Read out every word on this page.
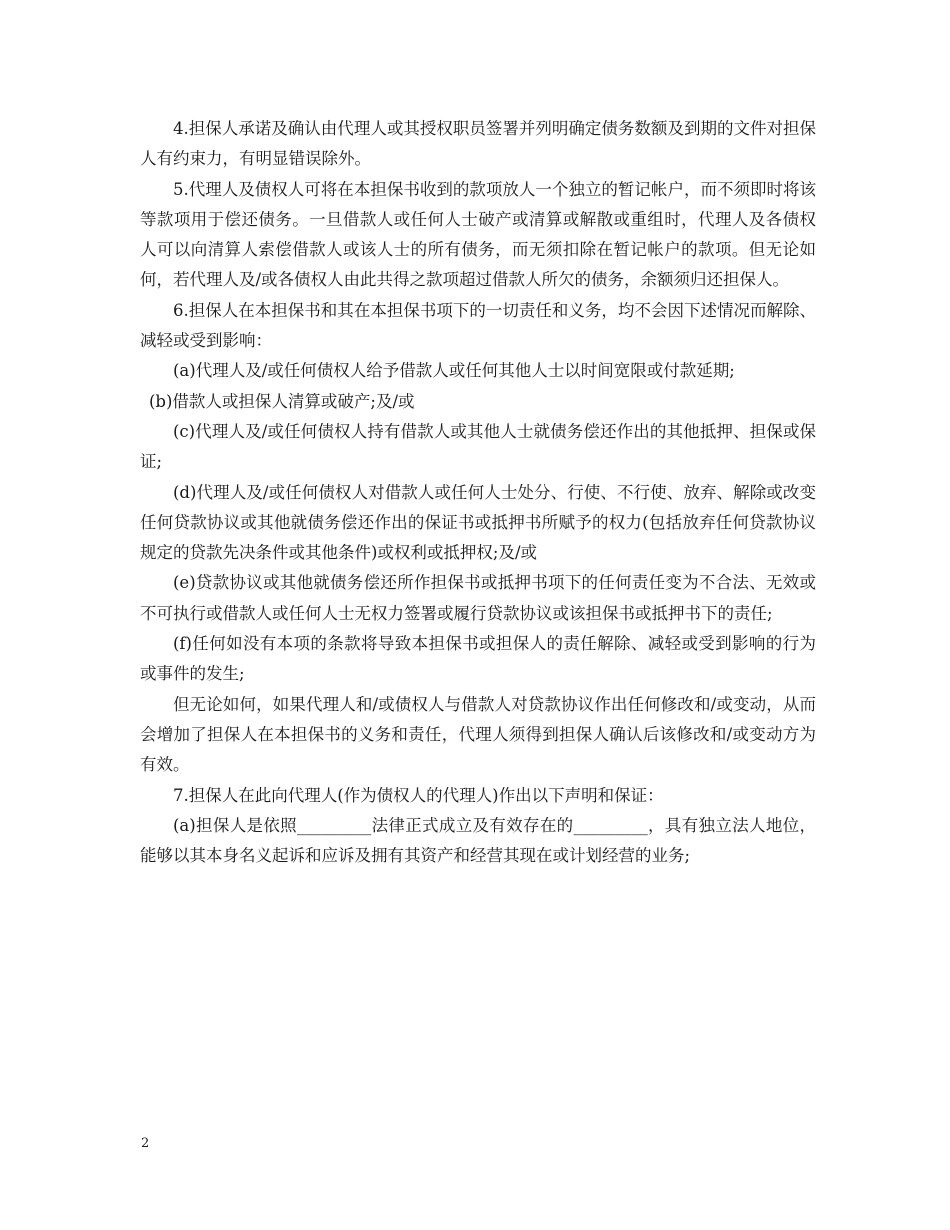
4.担保人承诺及确认由代理人或其授权职员签署并列明确定债务数额及到期的文件对担保人有约束力，有明显错误除外。

5.代理人及债权人可将在本担保书收到的款项放人一个独立的暂记帐户，而不须即时将该等款项用于偿还债务。一旦借款人或任何人士破产或清算或解散或重组时，代理人及各债权人可以向清算人索偿借款人或该人士的所有债务，而无须扣除在暂记帐户的款项。但无论如何，若代理人及/或各债权人由此共得之款项超过借款人所欠的债务，余额须归还担保人。

6.担保人在本担保书和其在本担保书项下的一切责任和义务，均不会因下述情况而解除、减轻或受到影响：

(a)代理人及/或任何债权人给予借款人或任何其他人士以时间宽限或付款延期;

(b)借款人或担保人清算或破产;及/或

(c)代理人及/或任何债权人持有借款人或其他人士就债务偿还作出的其他抵押、担保或保证;

(d)代理人及/或任何债权人对借款人或任何人士处分、行使、不行使、放弃、解除或改变任何贷款协议或其他就债务偿还作出的保证书或抵押书所赋予的权力(包括放弃任何贷款协议规定的贷款先决条件或其他条件)或权利或抵押权;及/或

(e)贷款协议或其他就债务偿还所作担保书或抵押书项下的任何责任变为不合法、无效或不可执行或借款人或任何人士无权力签署或履行贷款协议或该担保书或抵押书下的责任;

(f)任何如没有本项的条款将导致本担保书或担保人的责任解除、减轻或受到影响的行为或事件的发生;

但无论如何，如果代理人和/或债权人与借款人对贷款协议作出任何修改和/或变动，从而会增加了担保人在本担保书的义务和责任，代理人须得到担保人确认后该修改和/或变动方为有效。

7.担保人在此向代理人(作为债权人的代理人)作出以下声明和保证：

(a)担保人是依照_________法律正式成立及有效存在的_________，具有独立法人地位，能够以其本身名义起诉和应诉及拥有其资产和经营其现在或计划经营的业务;

2
